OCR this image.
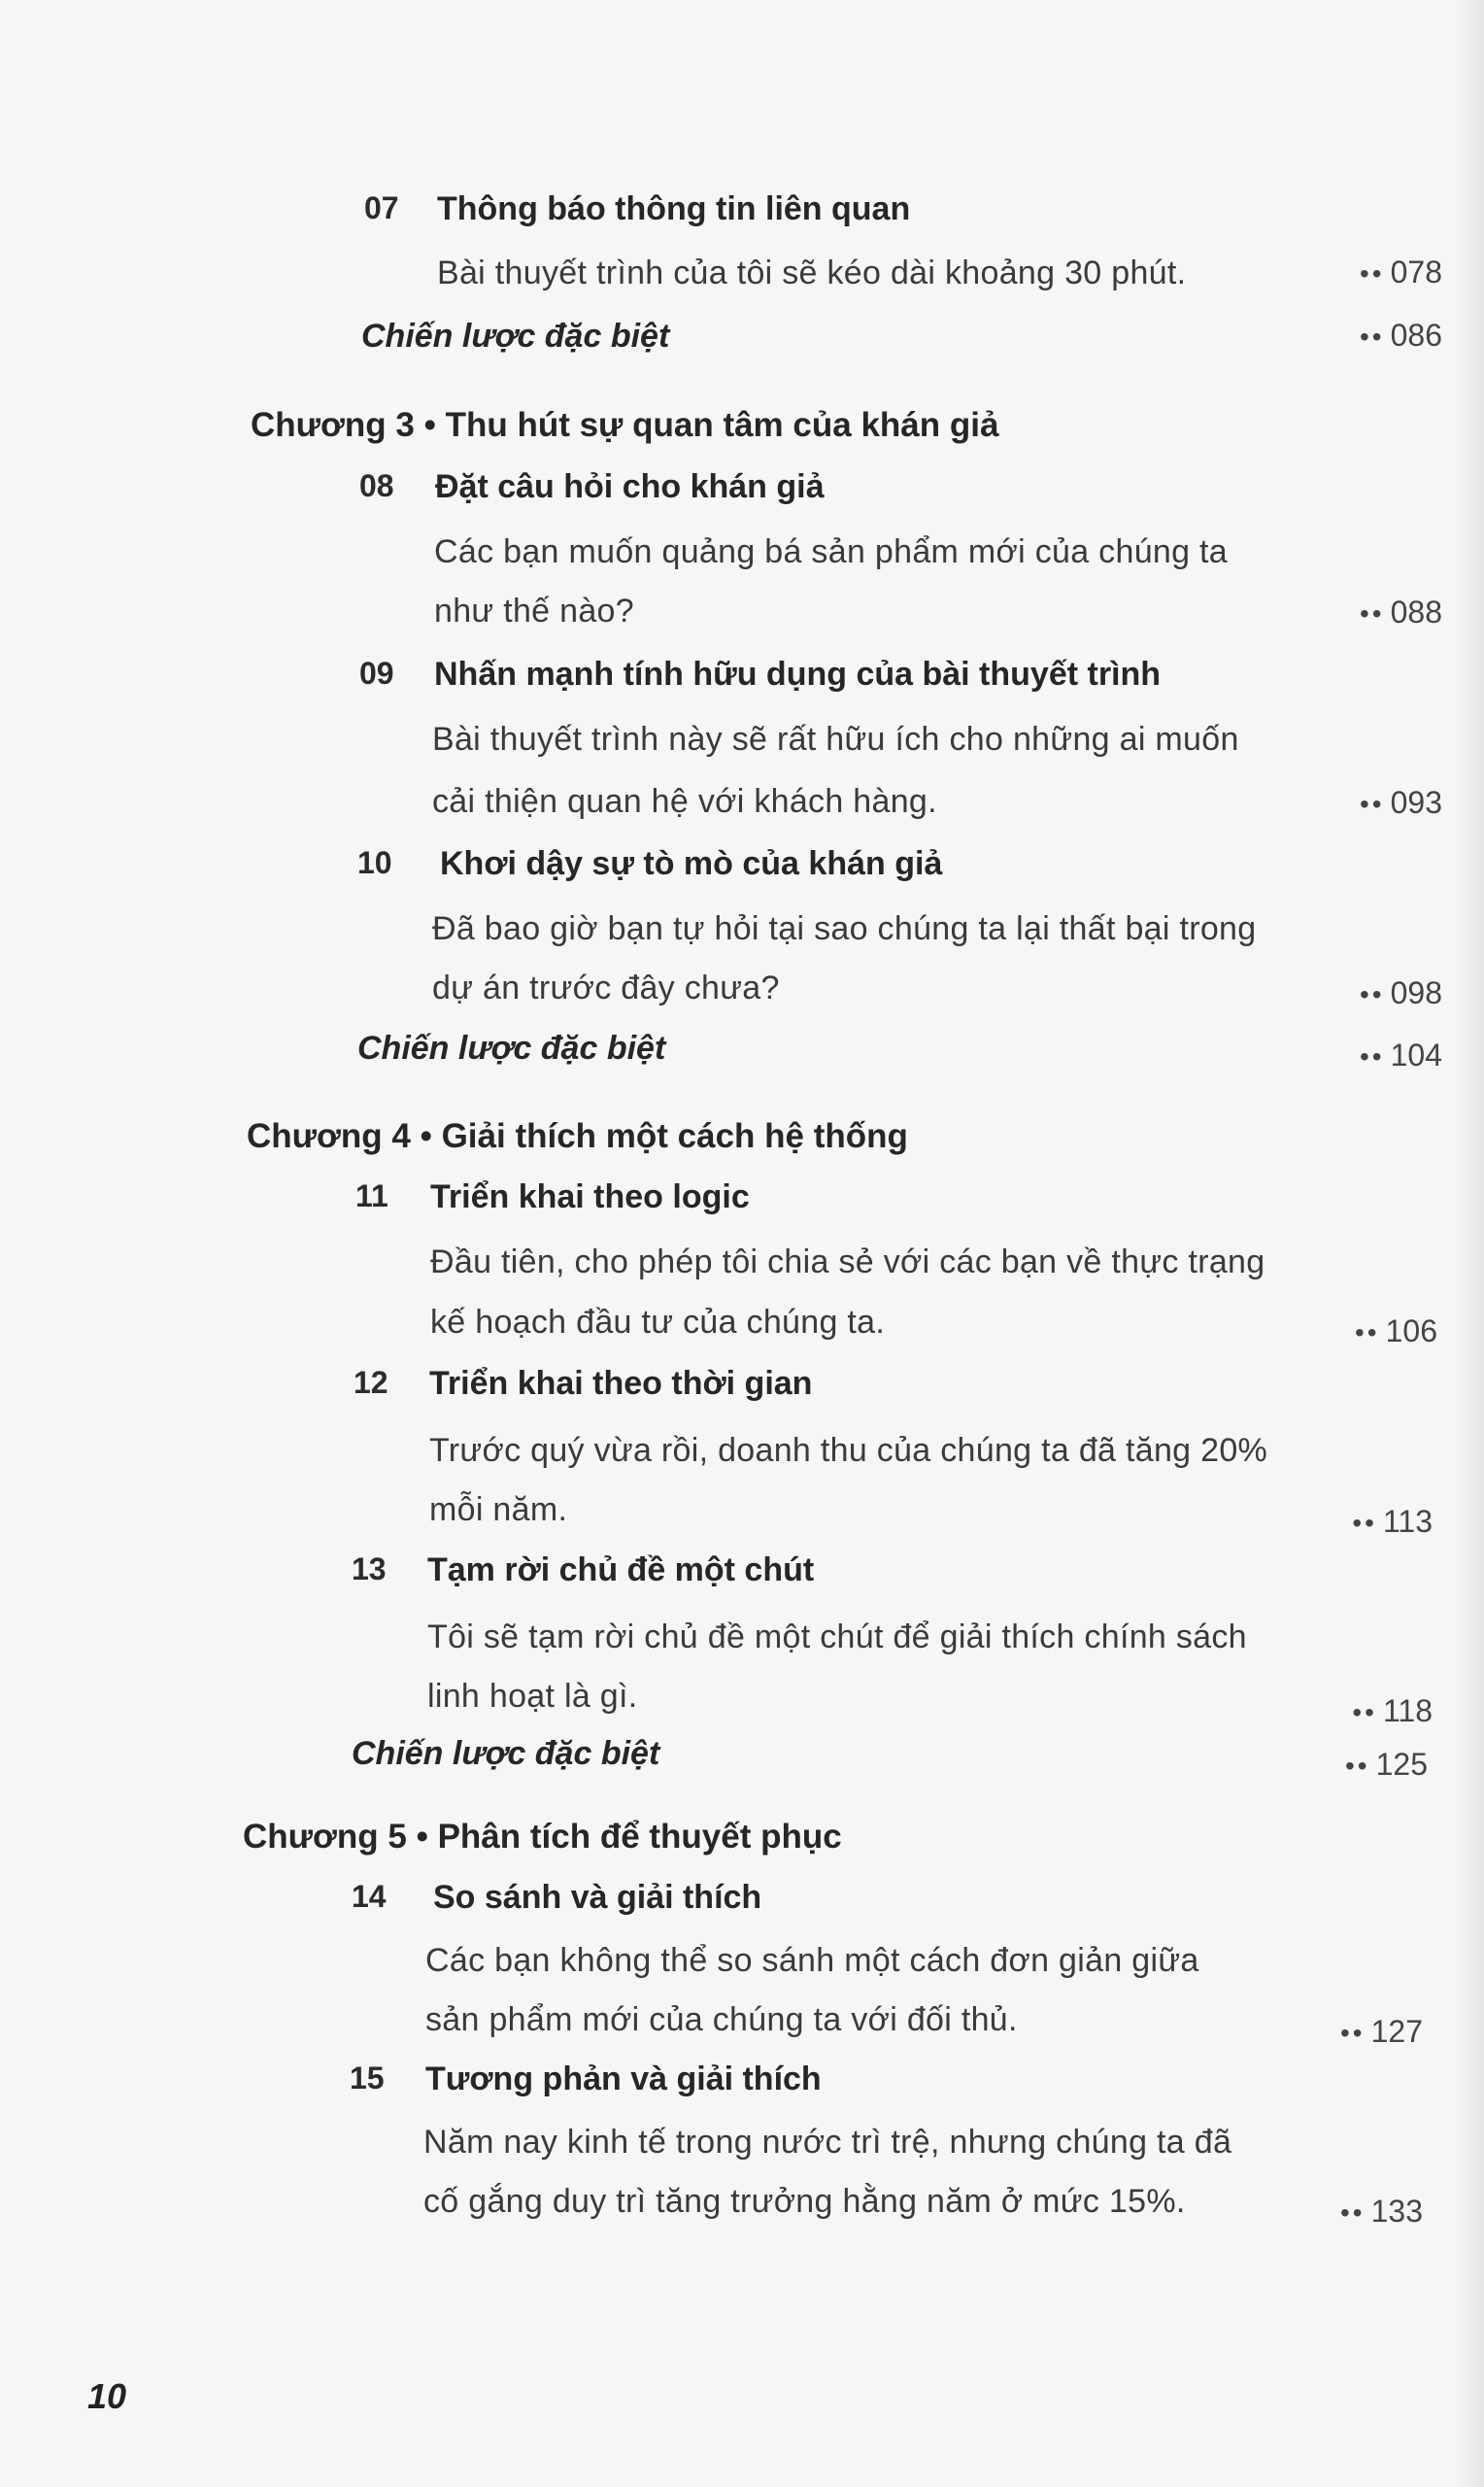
07 Thông báo thông tin liên quan
Bài thuyết trình của tôi sẽ kéo dài khoảng 30 phút.	•• 078
Chiến lược đặc biệt	•• 086
Chương 3 • Thu hút sự quan tâm của khán giả
08 Đặt câu hỏi cho khán giả
Các bạn muốn quảng bá sản phẩm mới của chúng ta
như thế nào?	•• 088
09 Nhấn mạnh tính hữu dụng của bài thuyết trình
Bài thuyết trình này sẽ rất hữu ích cho những ai muốn
cải thiện quan hệ với khách hàng.	•• 093
10 Khơi dậy sự tò mò của khán giả
Đã bao giờ bạn tự hỏi tại sao chúng ta lại thất bại trong
dự án trước đây chưa?	•• 098
Chiến lược đặc biệt	•• 104
Chương 4 • Giải thích một cách hệ thống
11 Triển khai theo logic
Đầu tiên, cho phép tôi chia sẻ với các bạn về thực trạng
kế hoạch đầu tư của chúng ta.	•• 106
12 Triển khai theo thời gian
Trước quý vừa rồi, doanh thu của chúng ta đã tăng 20%
mỗi năm.	•• 113
13 Tạm rời chủ đề một chút
Tôi sẽ tạm rời chủ đề một chút để giải thích chính sách
linh hoạt là gì.	•• 118
Chiến lược đặc biệt	•• 125
Chương 5 • Phân tích để thuyết phục
14 So sánh và giải thích
Các bạn không thể so sánh một cách đơn giản giữa
sản phẩm mới của chúng ta với đối thủ.	•• 127
15 Tương phản và giải thích
Năm nay kinh tế trong nước trì trệ, nhưng chúng ta đã
cố gắng duy trì tăng trưởng hằng năm ở mức 15%.	•• 133
10
